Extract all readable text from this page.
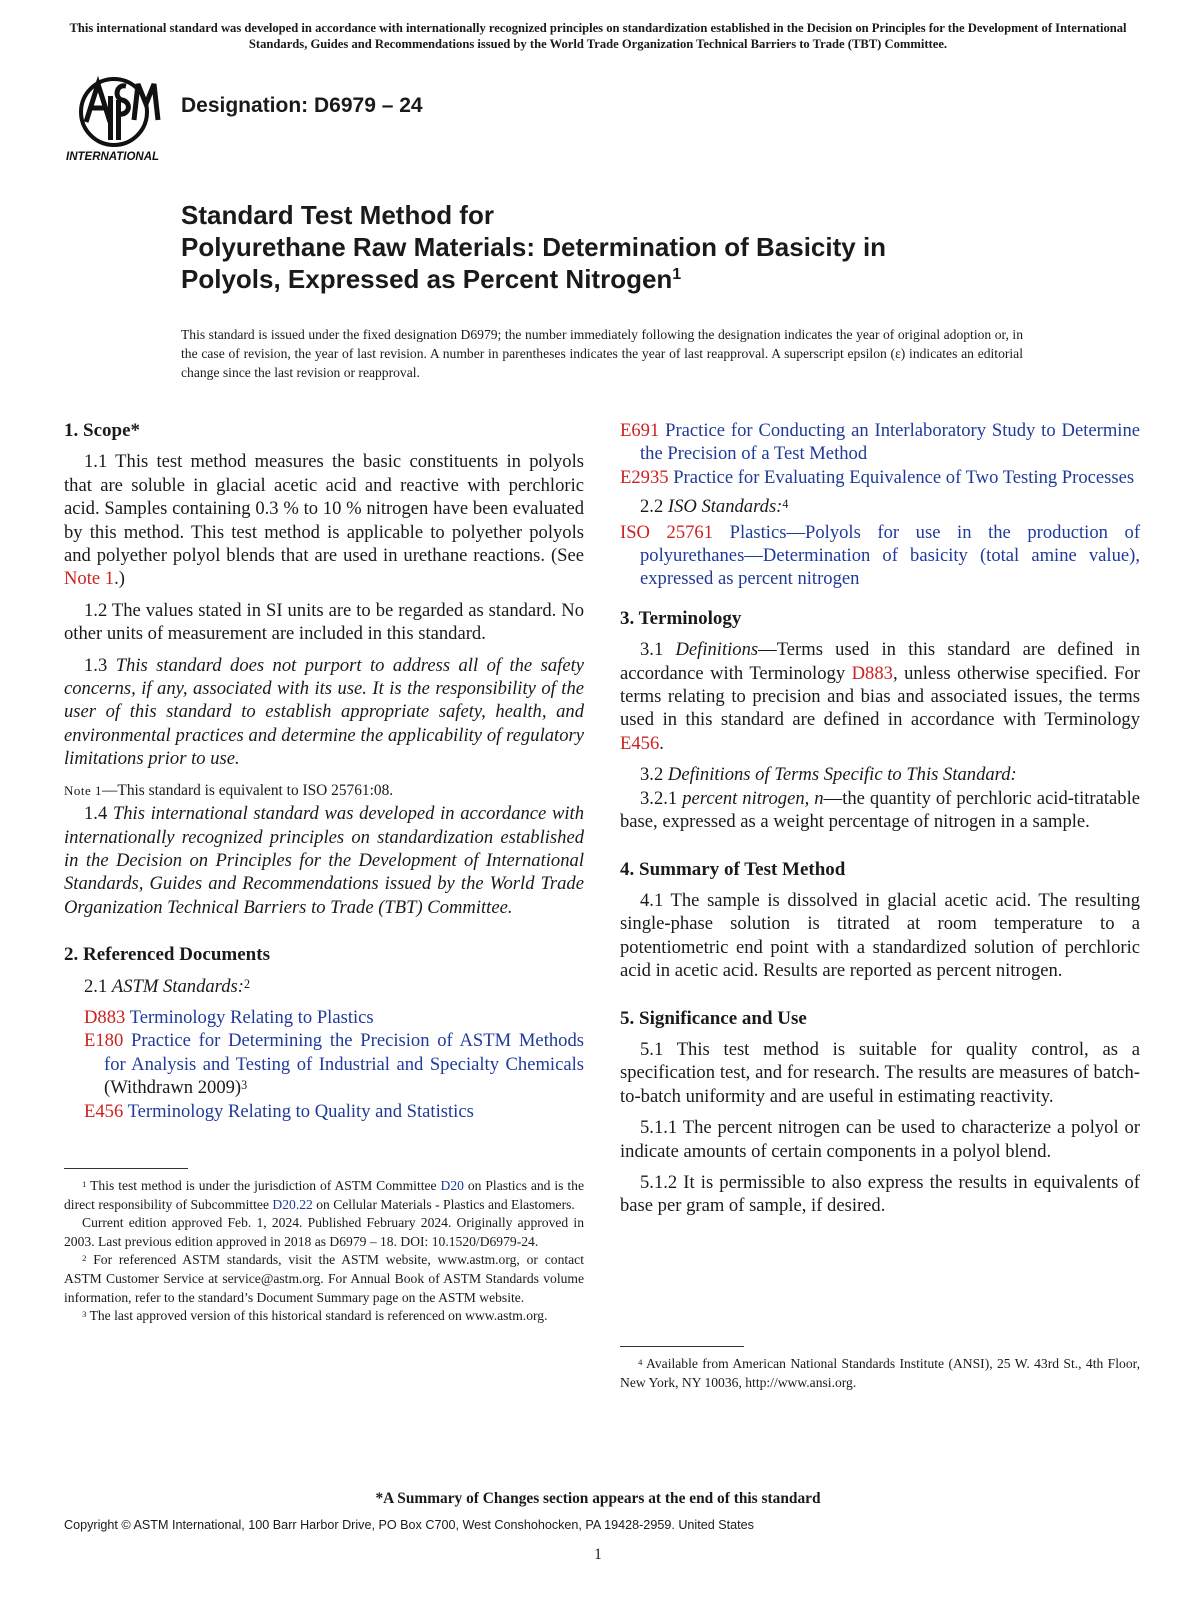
This international standard was developed in accordance with internationally recognized principles on standardization established in the Decision on Principles for the Development of International Standards, Guides and Recommendations issued by the World Trade Organization Technical Barriers to Trade (TBT) Committee.
INTERNATIONAL
Designation: D6979 – 24
Standard Test Method for
Polyurethane Raw Materials: Determination of Basicity in
Polyols, Expressed as Percent Nitrogen$^1$
This standard is issued under the fixed designation D6979; the number immediately following the designation indicates the year of original adoption or, in the case of revision, the year of last revision. A number in parentheses indicates the year of last reapproval. A superscript epsilon (ε) indicates an editorial change since the last revision or reapproval.
1. Scope*

1.1 This test method measures the basic constituents in polyols that are soluble in glacial acetic acid and reactive with perchloric acid. Samples containing 0.3 % to 10 % nitrogen have been evaluated by this method. This test method is applicable to polyether polyols and polyether polyol blends that are used in urethane reactions. (See Note 1.)

1.2 The values stated in SI units are to be regarded as standard. No other units of measurement are included in this standard.

1.3 This standard does not purport to address all of the safety concerns, if any, associated with its use. It is the responsibility of the user of this standard to establish appropriate safety, health, and environmental practices and determine the applicability of regulatory limitations prior to use.

Note 1—This standard is equivalent to ISO 25761:08.

1.4 This international standard was developed in accordance with internationally recognized principles on standardization established in the Decision on Principles for the Development of International Standards, Guides and Recommendations issued by the World Trade Organization Technical Barriers to Trade (TBT) Committee.

2. Referenced Documents

2.1 ASTM Standards:$^2$

D883 Terminology Relating to Plastics

E180 Practice for Determining the Precision of ASTM Methods for Analysis and Testing of Industrial and Specialty Chemicals (Withdrawn 2009)$^3$

E456 Terminology Relating to Quality and Statistics

$^1$ This test method is under the jurisdiction of ASTM Committee D20 on Plastics and is the direct responsibility of Subcommittee D20.22 on Cellular Materials - Plastics and Elastomers.

Current edition approved Feb. 1, 2024. Published February 2024. Originally approved in 2003. Last previous edition approved in 2018 as D6979 – 18. DOI: 10.1520/D6979-24.

$^2$ For referenced ASTM standards, visit the ASTM website, www.astm.org, or contact ASTM Customer Service at service@astm.org. For Annual Book of ASTM Standards volume information, refer to the standard’s Document Summary page on the ASTM website.

$^3$ The last approved version of this historical standard is referenced on www.astm.org.

E691 Practice for Conducting an Interlaboratory Study to Determine the Precision of a Test Method

E2935 Practice for Evaluating Equivalence of Two Testing Processes

2.2 ISO Standards:$^4$

ISO 25761 Plastics—Polyols for use in the production of polyurethanes—Determination of basicity (total amine value), expressed as percent nitrogen

3. Terminology

3.1 Definitions—Terms used in this standard are defined in accordance with Terminology D883, unless otherwise specified. For terms relating to precision and bias and associated issues, the terms used in this standard are defined in accordance with Terminology E456.

3.2 Definitions of Terms Specific to This Standard:

3.2.1 percent nitrogen, n—the quantity of perchloric acid-titratable base, expressed as a weight percentage of nitrogen in a sample.

4. Summary of Test Method

4.1 The sample is dissolved in glacial acetic acid. The resulting single-phase solution is titrated at room temperature to a potentiometric end point with a standardized solution of perchloric acid in acetic acid. Results are reported as percent nitrogen.

5. Significance and Use

5.1 This test method is suitable for quality control, as a specification test, and for research. The results are measures of batch-to-batch uniformity and are useful in estimating reactivity.

5.1.1 The percent nitrogen can be used to characterize a polyol or indicate amounts of certain components in a polyol blend.

5.1.2 It is permissible to also express the results in equivalents of base per gram of sample, if desired.

$^4$ Available from American National Standards Institute (ANSI), 25 W. 43rd St., 4th Floor, New York, NY 10036, http://www.ansi.org.

*A Summary of Changes section appears at the end of this standard
Copyright © ASTM International, 100 Barr Harbor Drive, PO Box C700, West Conshohocken, PA 19428-2959. United States
1
